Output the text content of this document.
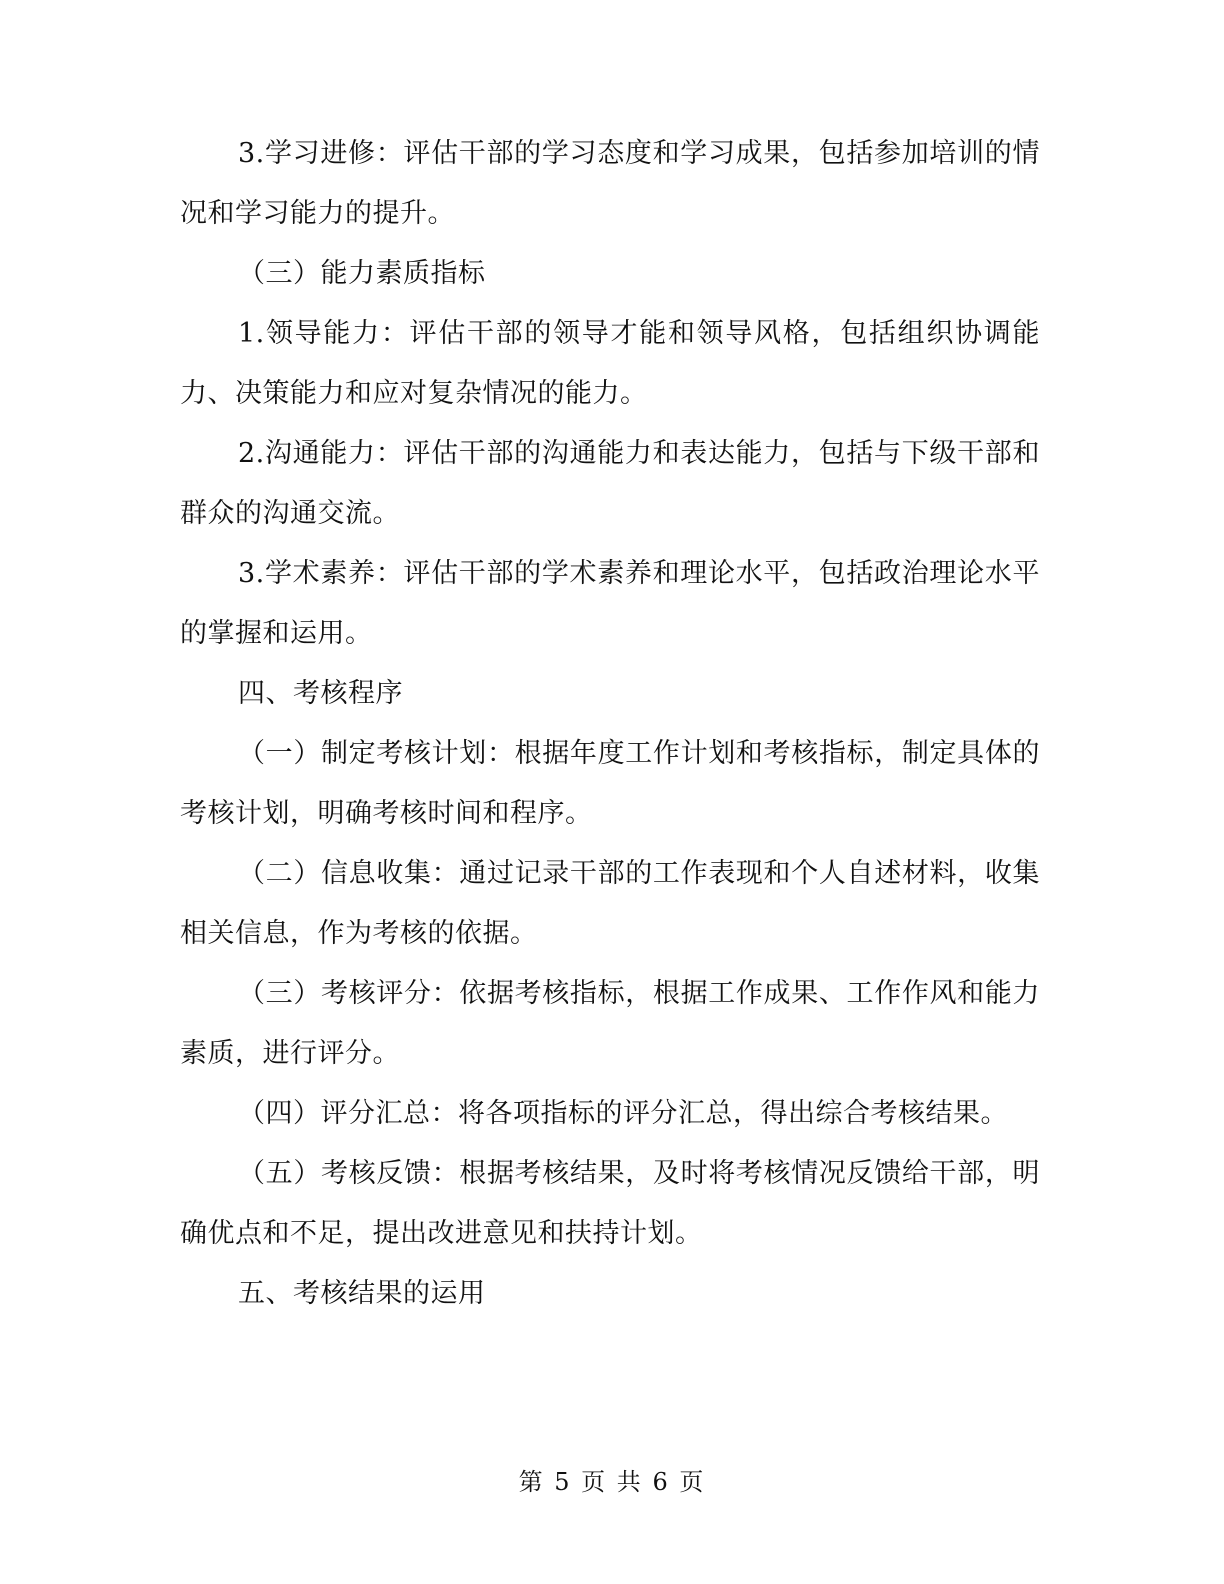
3.学习进修：评估干部的学习态度和学习成果，包括参加培训的情况和学习能力的提升。

（三）能力素质指标

1.领导能力：评估干部的领导才能和领导风格，包括组织协调能力、决策能力和应对复杂情况的能力。

2.沟通能力：评估干部的沟通能力和表达能力，包括与下级干部和群众的沟通交流。

3.学术素养：评估干部的学术素养和理论水平，包括政治理论水平的掌握和运用。

四、考核程序

（一）制定考核计划：根据年度工作计划和考核指标，制定具体的考核计划，明确考核时间和程序。

（二）信息收集：通过记录干部的工作表现和个人自述材料，收集相关信息，作为考核的依据。

（三）考核评分：依据考核指标，根据工作成果、工作作风和能力素质，进行评分。

（四）评分汇总：将各项指标的评分汇总，得出综合考核结果。

（五）考核反馈：根据考核结果，及时将考核情况反馈给干部，明确优点和不足，提出改进意见和扶持计划。

五、考核结果的运用

第 5 页 共 6 页
